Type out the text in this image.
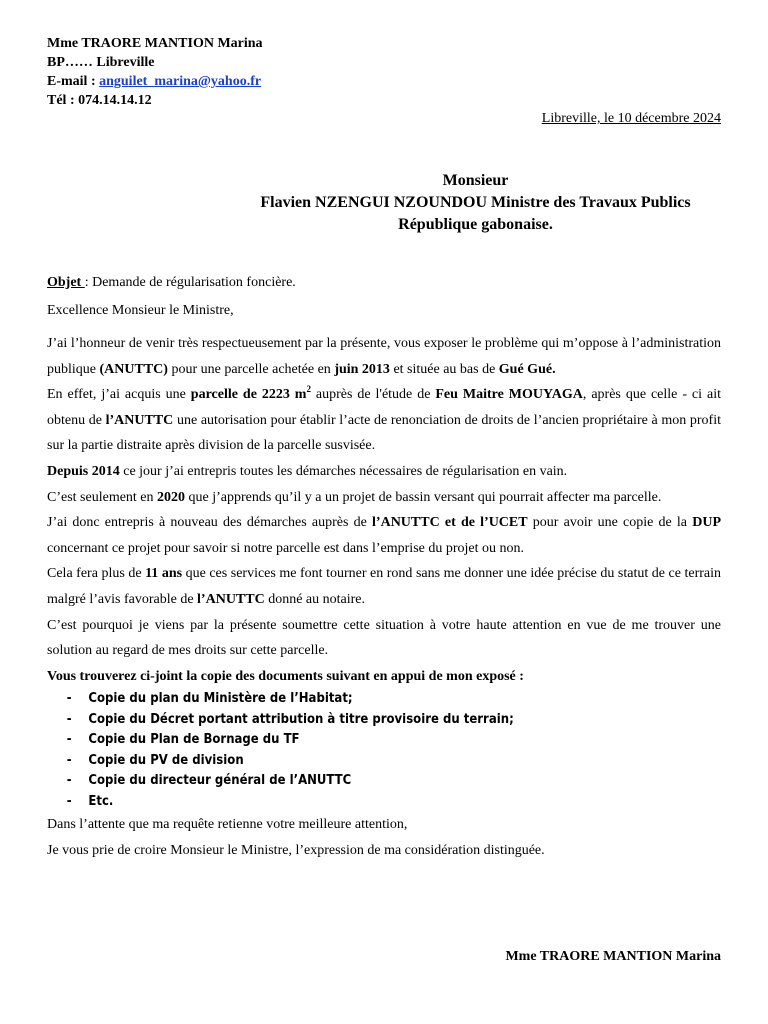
Mme TRAORE MANTION Marina
BP…… Libreville
E-mail : anguilet_marina@yahoo.fr
Tél : 074.14.14.12
Libreville, le 10 décembre 2024
Monsieur
Flavien NZENGUI NZOUNDOU Ministre des Travaux Publics
République gabonaise.

Objet : Demande de régularisation foncière.

Excellence Monsieur le Ministre,

J’ai l’honneur de venir très respectueusement par la présente, vous exposer le problème qui m’oppose à l’administration publique (ANUTTC) pour une parcelle achetée en juin 2013 et située au bas de Gué Gué.

En effet, j’ai acquis une parcelle de 2223 $m^2$ auprès de l'étude de Feu Maitre MOUYAGA, après que celle - ci ait obtenu de l’ANUTTC une autorisation pour établir l’acte de renonciation de droits de l’ancien propriétaire à mon profit sur la partie distraite après division de la parcelle susvisée.

Depuis 2014 ce jour j’ai entrepris toutes les démarches nécessaires de régularisation en vain.

C’est seulement en 2020 que j’apprends qu’il y a un projet de bassin versant qui pourrait affecter ma parcelle.

J’ai donc entrepris à nouveau des démarches auprès de l’ANUTTC et de l’UCET pour avoir une copie de la DUP concernant ce projet pour savoir si notre parcelle est dans l’emprise du projet ou non.

Cela fera plus de 11 ans que ces services me font tourner en rond sans me donner une idée précise du statut de ce terrain malgré l’avis favorable de l’ANUTTC donné au notaire.

C’est pourquoi je viens par la présente soumettre cette situation à votre haute attention en vue de me trouver une solution au regard de mes droits sur cette parcelle.

Vous trouverez ci-joint la copie des documents suivant en appui de mon exposé :

-	Copie du plan du Ministère de l’Habitat;
-	Copie du Décret portant attribution à titre provisoire du terrain;
-	Copie du Plan de Bornage du TF
-	Copie du PV de division
-	Copie du directeur général de l’ANUTTC
-	Etc.

Dans l’attente que ma requête retienne votre meilleure attention,

Je vous prie de croire Monsieur le Ministre, l’expression de ma considération distinguée.

Mme TRAORE MANTION Marina
